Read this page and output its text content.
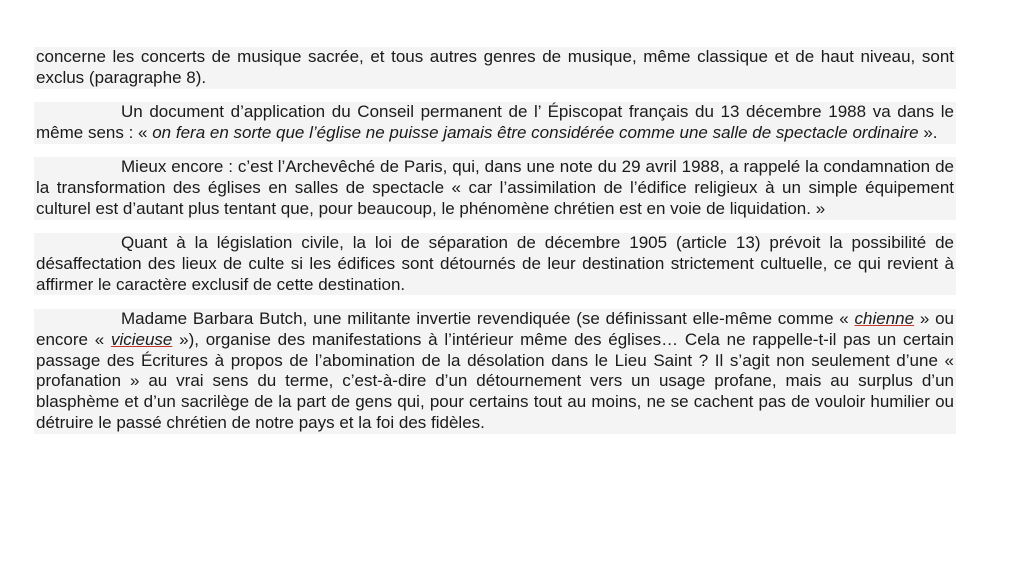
concerne les concerts de musique sacrée, et tous autres genres de musique, même classique et de haut niveau, sont exclus (paragraphe 8).

Un document d’application du Conseil permanent de l’ Épiscopat français du 13 décembre 1988 va dans le même sens : « on fera en sorte que l’église ne puisse jamais être considérée comme une salle de spectacle ordinaire ».

Mieux encore : c’est l’Archevêché de Paris, qui, dans une note du 29 avril 1988, a rappelé la condamnation de la transformation des églises en salles de spectacle « car l’assimilation de l’édifice religieux à un simple équipement culturel est d’autant plus tentant que, pour beaucoup, le phénomène chrétien est en voie de liquidation. »

Quant à la législation civile, la loi de séparation de décembre 1905 (article 13) prévoit la possibilité de désaffectation des lieux de culte si les édifices sont détournés de leur destination strictement cultuelle, ce qui revient à affirmer le caractère exclusif de cette destination.

Madame Barbara Butch, une militante invertie revendiquée (se définissant elle-même comme « chienne » ou encore « vicieuse »), organise des manifestations à l’intérieur même des églises… Cela ne rappelle-t-il pas un certain passage des Écritures à propos de l’abomination de la désolation dans le Lieu Saint ? Il s’agit non seulement d’une « profanation » au vrai sens du terme, c’est-à-dire d’un détournement vers un usage profane, mais au surplus d’un blasphème et d’un sacrilège de la part de gens qui, pour certains tout au moins, ne se cachent pas de vouloir humilier ou détruire le passé chrétien de notre pays et la foi des fidèles.
